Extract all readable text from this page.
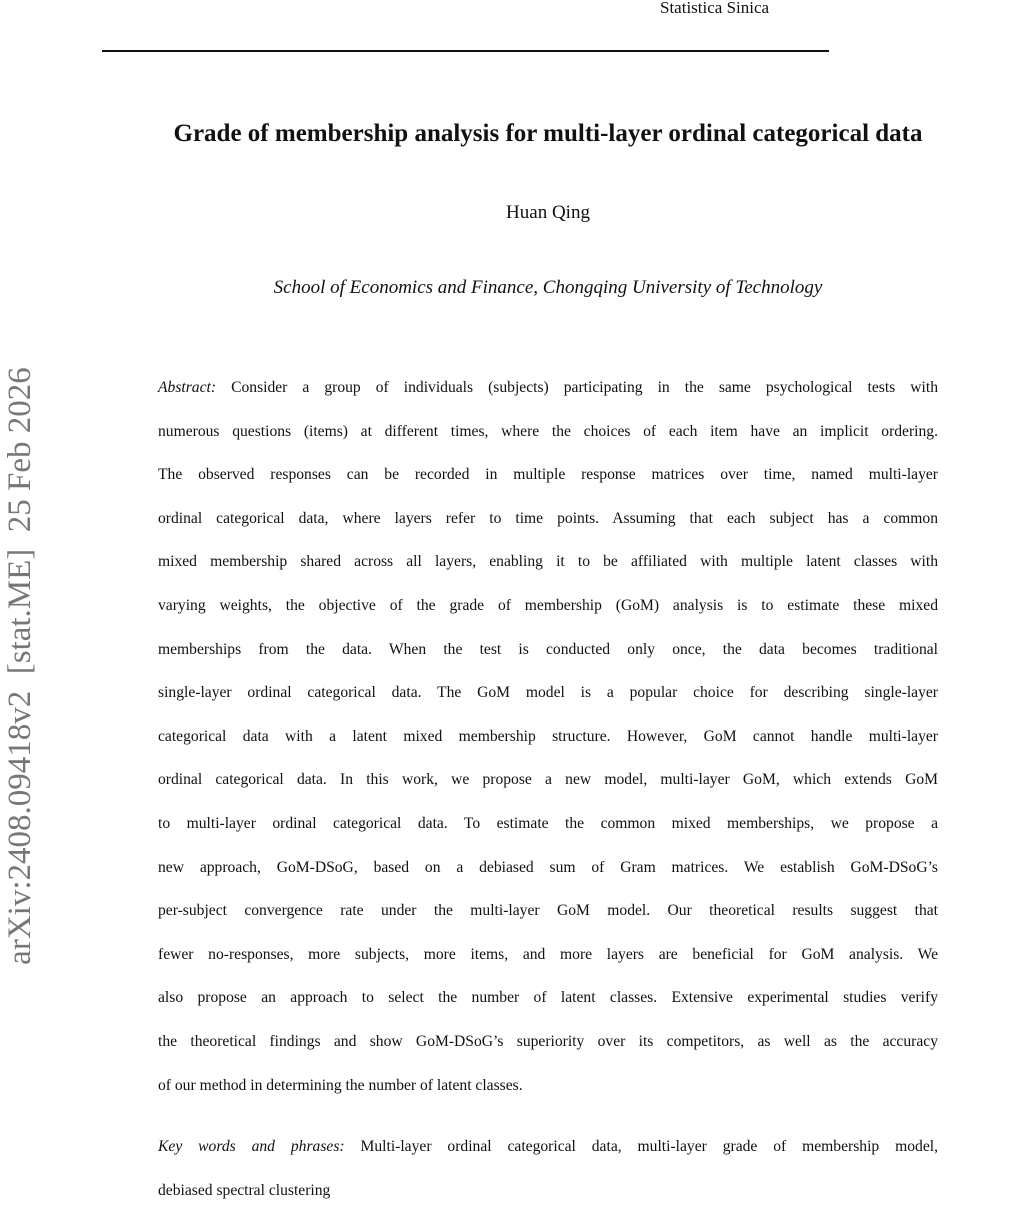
Statistica Sinica
Grade of membership analysis for multi-layer ordinal categorical data
Huan Qing
School of Economics and Finance, Chongqing University of Technology
arXiv:2408.09418v2  [stat.ME]  25 Feb 2026	Abstract: Consider a group of individuals (subjects) participating in the same psychological tests with
numerous questions (items) at different times, where the choices of each item have an implicit ordering.
The observed responses can be recorded in multiple response matrices over time, named multi-layer
ordinal categorical data, where layers refer to time points. Assuming that each subject has a common
mixed membership shared across all layers, enabling it to be affiliated with multiple latent classes with
varying weights, the objective of the grade of membership (GoM) analysis is to estimate these mixed
memberships from the data. When the test is conducted only once, the data becomes traditional
single-layer ordinal categorical data. The GoM model is a popular choice for describing single-layer
categorical data with a latent mixed membership structure. However, GoM cannot handle multi-layer
ordinal categorical data. In this work, we propose a new model, multi-layer GoM, which extends GoM
to multi-layer ordinal categorical data. To estimate the common mixed memberships, we propose a
new approach, GoM-DSoG, based on a debiased sum of Gram matrices. We establish GoM-DSoG’s
per-subject convergence rate under the multi-layer GoM model. Our theoretical results suggest that
fewer no-responses, more subjects, more items, and more layers are beneficial for GoM analysis. We
also propose an approach to select the number of latent classes. Extensive experimental studies verify
the theoretical findings and show GoM-DSoG’s superiority over its competitors, as well as the accuracy
of our method in determining the number of latent classes.
Key words and phrases: Multi-layer ordinal categorical data, multi-layer grade of membership model,
debiased spectral clustering
